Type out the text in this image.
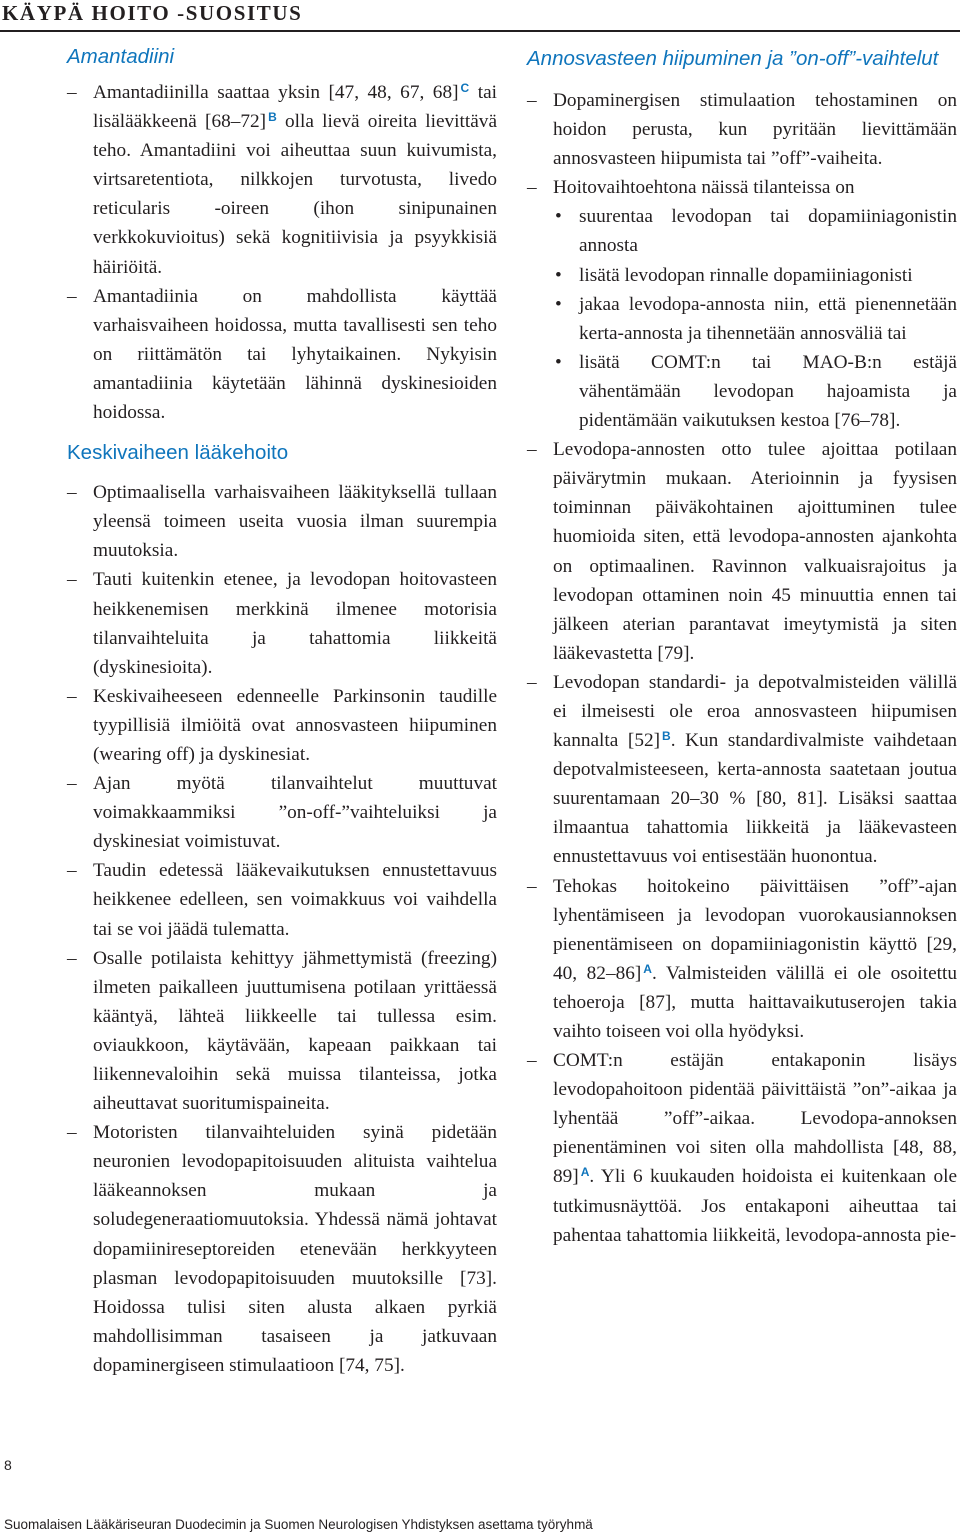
KÄYPÄ HOITO -SUOSITUS
Amantadiini
– Amantadiinilla saattaa yksin [47, 48, 67, 68] $^C$ tai lisälääkkeenä [68–72] $^B$ olla lievä oireita lievittävä teho. Amantadiini voi aiheuttaa suun kuivumista, virtsaretentiota, nilkkojen turvotusta, livedo reticularis -oireen (ihon sinipunainen verkkokuvioitus) sekä kognitiivisia ja psyykkisiä häiriöitä.
– Amantadiinia on mahdollista käyttää varhaisvaiheen hoidossa, mutta tavallisesti sen teho on riittämätön tai lyhytaikainen. Nykyisin amantadiinia käytetään lähinnä dyskinesioiden hoidossa.
Keskivaiheen lääkehoito
– Optimaalisella varhaisvaiheen lääkityksellä tullaan yleensä toimeen useita vuosia ilman suurempia muutoksia.
– Tauti kuitenkin etenee, ja levodopan hoitovasteen heikkenemisen merkkinä ilmenee motorisia tilanvaihteluita ja tahattomia liikkeitä (dyskinesioita).
– Keskivaiheeseen edenneelle Parkinsonin taudille tyypillisiä ilmiöitä ovat annosvasteen hiipuminen (wearing off) ja dyskinesiat.
– Ajan myötä tilanvaihtelut muuttuvat voimakkaammiksi ”on-off-”vaihteluiksi ja dyskinesiat voimistuvat.
– Taudin edetessä lääkevaikutuksen ennustettavuus heikkenee edelleen, sen voimakkuus voi vaihdella tai se voi jäädä tulematta.
– Osalle potilaista kehittyy jähmettymistä (freezing) ilmeten paikalleen juuttumisena potilaan yrittäessä kääntyä, lähteä liikkeelle tai tullessa esim. oviaukkoon, käytävään, kapeaan paikkaan tai liikennevaloihin sekä muissa tilanteissa, jotka aiheuttavat suoritumispaineita.
– Motoristen tilanvaihteluiden syinä pidetään neuronien levodopapitoisuuden alituista vaihtelua lääkeannoksen mukaan ja soludegeneraatiomuutoksia. Yhdessä nämä johtavat dopamiinireseptoreiden etenevään herkkyyteen plasman levodopapitoisuuden muutoksille [73]. Hoidossa tulisi siten alusta alkaen pyrkiä mahdollisimman tasaiseen ja jatkuvaan dopaminergiseen stimulaatioon [74, 75].
Annosvasteen hiipuminen ja ”on-off”-vaihtelut
– Dopaminergisen stimulaation tehostaminen on hoidon perusta, kun pyritään lievittämään annosvasteen hiipumista tai ”off”-vaiheita.
– Hoitovaihtoehtona näissä tilanteissa on
• suurentaa levodopan tai dopamiiniagonistin annosta
• lisätä levodopan rinnalle dopamiiniagonisti
• jakaa levodopa-annosta niin, että pienennetään kerta-annosta ja tihennetään annosväliä tai
• lisätä COMT:n tai MAO-B:n estäjä vähentämään levodopan hajoamista ja pidentämään vaikutuksen kestoa [76–78].
– Levodopa-annosten otto tulee ajoittaa potilaan päivärytmin mukaan. Aterioinnin ja fyysisen toiminnan päiväkohtainen ajoittuminen tulee huomioida siten, että levodopa-annosten ajankohta on optimaalinen. Ravinnon valkuaisrajoitus ja levodopan ottaminen noin 45 minuuttia ennen tai jälkeen aterian parantavat imeytymistä ja siten lääkevastetta [79].
– Levodopan standardi- ja depotvalmisteiden välillä ei ilmeisesti ole eroa annosvasteen hiipumisen kannalta [52] $^B$. Kun standardivalmiste vaihdetaan depotvalmisteeseen, kerta-annosta saatetaan joutua suurentamaan 20–30 % [80, 81]. Lisäksi saattaa ilmaantua tahattomia liikkeitä ja lääkevasteen ennustettavuus voi entisestään huonontua.
– Tehokas hoitokeino päivittäisen ”off”-ajan lyhentämiseen ja levodopan vuorokausiannoksen pienentämiseen on dopamiiniagonistin käyttö [29, 40, 82–86] $^A$. Valmisteiden välillä ei ole osoitettu tehoeroja [87], mutta haittavaikutuserojen takia vaihto toiseen voi olla hyödyksi.
– COMT:n estäjän entakaponin lisäys levodopahoitoon pidentää päivittäistä ”on”-aikaa ja lyhentää ”off”-aikaa. Levodopa-annoksen pienentäminen voi siten olla mahdollista [48, 88, 89] $^A$. Yli 6 kuukauden hoidoista ei kuitenkaan ole tutkimusnäyttöä. Jos entakaponi aiheuttaa tai pahentaa tahattomia liikkeitä, levodopa-annosta pie-
8
Suomalaisen Lääkäriseuran Duodecimin ja Suomen Neurologisen Yhdistyksen asettama työryhmä
